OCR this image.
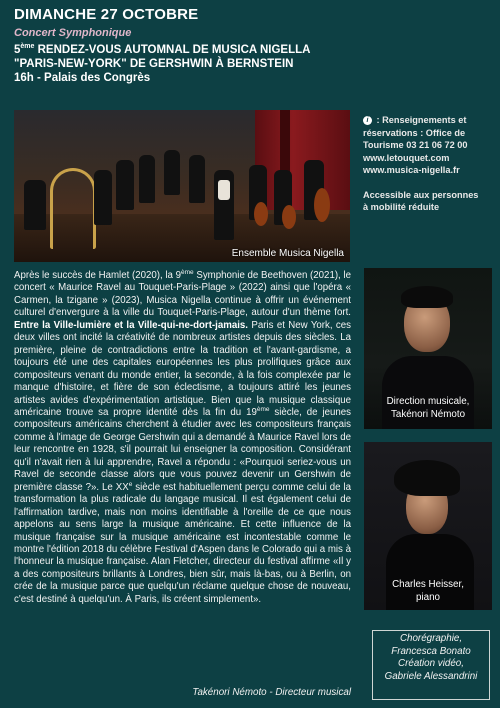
DIMANCHE 27 OCTOBRE
Concert Symphonique
5ème RENDEZ-VOUS AUTOMNAL DE MUSICA NIGELLA
"PARIS-NEW-YORK" DE GERSHWIN À BERNSTEIN
16h - Palais des Congrès
Ensemble Musica Nigella
i : Renseignements et
réservations : Office de
Tourisme 03 21 06 72 00
www.letouquet.com
www.musica-nigella.fr
Accessible aux personnes
à mobilité réduite

Après le succès de Hamlet (2020), la 9ème Symphonie de Beethoven (2021), le concert « Maurice Ravel au Touquet-Paris-Plage » (2022) ainsi que l'opéra « Carmen, la tzigane » (2023), Musica Nigella continue à offrir un événement culturel d'envergure à la ville du Touquet-Paris-Plage, autour d'un thème fort. Entre la Ville-lumière et la Ville-qui-ne-dort-jamais. Paris et New York, ces deux villes ont incité la créativité de nombreux artistes depuis des siècles. La première, pleine de contradictions entre la tradition et l'avant-gardisme, a toujours été une des capitales européennes les plus prolifiques grâce aux compositeurs venant du monde entier, la seconde, à la fois complexée par le manque d'histoire, et fière de son éclectisme, a toujours attiré les jeunes artistes avides d'expérimentation artistique. Bien que la musique classique américaine trouve sa propre identité dès la fin du 19ème siècle, de jeunes compositeurs américains cherchent à étudier avec les compositeurs français comme à l'image de George Gershwin qui a demandé à Maurice Ravel lors de leur rencontre en 1928, s'il pourrait lui enseigner la composition. Considérant qu'il n'avait rien à lui apprendre, Ravel a répondu : «Pourquoi seriez-vous un Ravel de seconde classe alors que vous pouvez devenir un Gershwin de première classe ?». Le XXe siècle est habituellement perçu comme celui de la transformation la plus radicale du langage musical. Il est également celui de l'affirmation tardive, mais non moins identifiable à l'oreille de ce que nous appelons au sens large la musique américaine. Et cette influence de la musique française sur la musique américaine est incontestable comme le montre l'édition 2018 du célèbre Festival d'Aspen dans le Colorado qui a mis à l'honneur la musique française. Alan Fletcher, directeur du festival affirme «Il y a des compositeurs brillants à Londres, bien sûr, mais là-bas, ou à Berlin, on crée de la musique parce que quelqu'un réclame quelque chose de nouveau, c'est destiné à quelqu'un. À Paris, ils créent simplement».

Takénori Némoto - Directeur musical
Direction musicale,
Takénori Némoto
Charles Heisser,
piano
Chorégraphie,
Francesca Bonato
Création vidéo,
Gabriele Alessandrini
